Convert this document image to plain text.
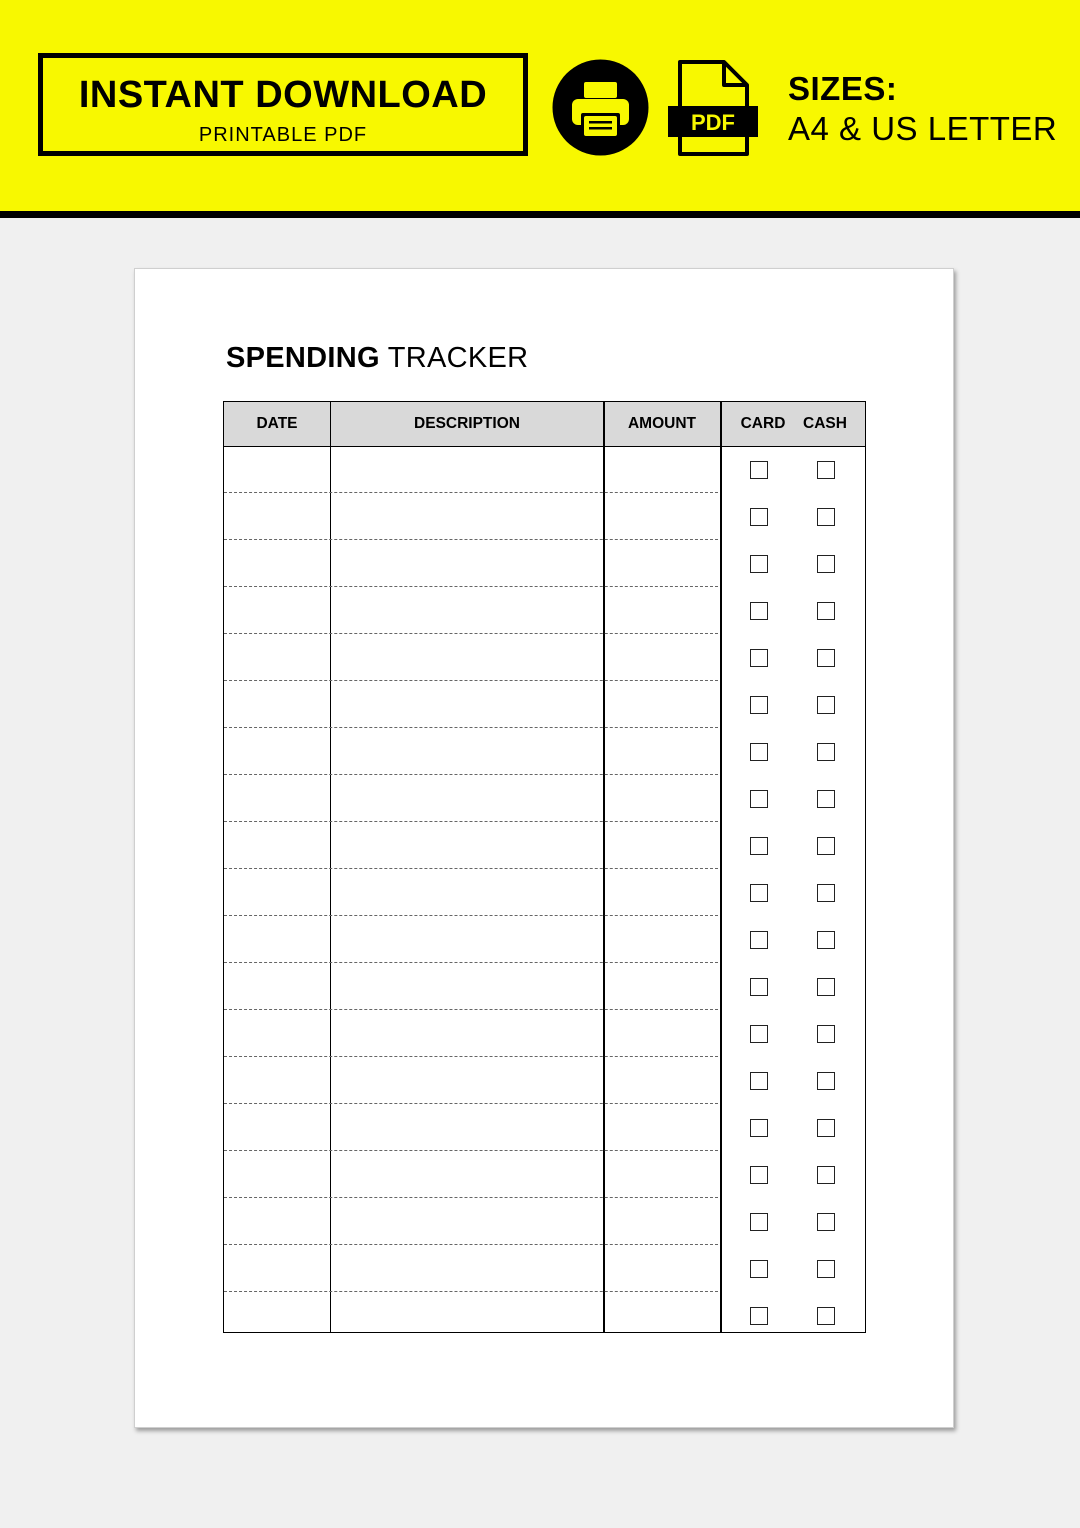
INSTANT DOWNLOAD
PRINTABLE PDF	PDF
SIZES:
A4 & US LETTER
SPENDING TRACKER
DATE	DESCRIPTION	AMOUNT	CARD	CASH
